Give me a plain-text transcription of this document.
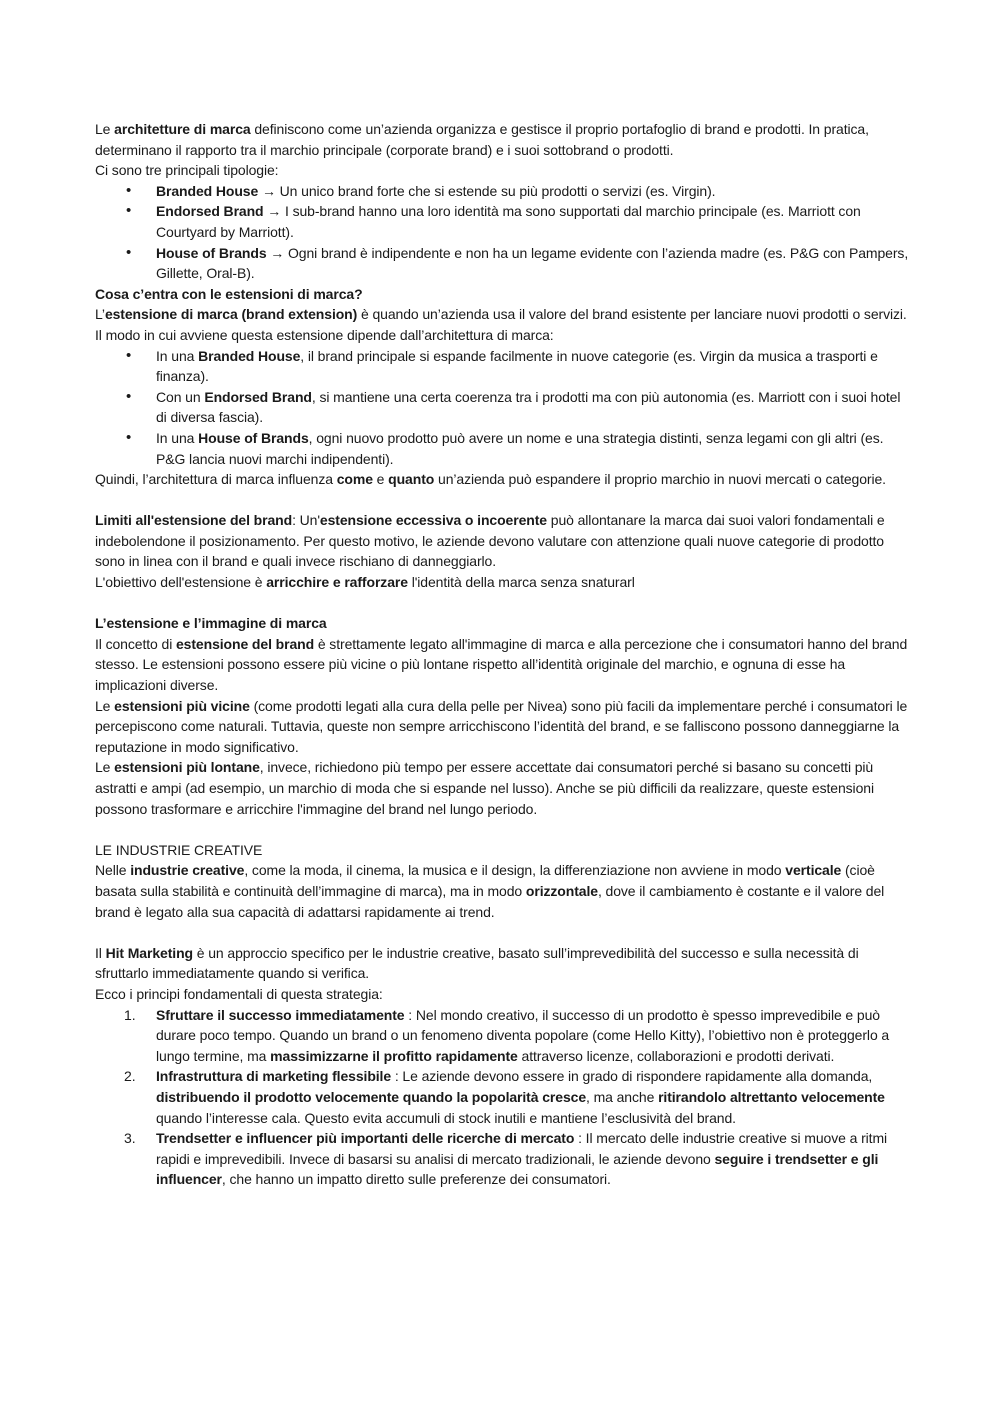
Le architetture di marca definiscono come un’azienda organizza e gestisce il proprio portafoglio di brand e prodotti. In pratica, determinano il rapporto tra il marchio principale (corporate brand) e i suoi sottobrand o prodotti.

Ci sono tre principali tipologie:

• Branded House → Un unico brand forte che si estende su più prodotti o servizi (es. Virgin).
• Endorsed Brand → I sub-brand hanno una loro identità ma sono supportati dal marchio principale (es. Marriott con Courtyard by Marriott).
• House of Brands → Ogni brand è indipendente e non ha un legame evidente con l’azienda madre (es. P&G con Pampers, Gillette, Oral-B).

Cosa c’entra con le estensioni di marca?

L’estensione di marca (brand extension) è quando un’azienda usa il valore del brand esistente per lanciare nuovi prodotti o servizi. Il modo in cui avviene questa estensione dipende dall’architettura di marca:

• In una Branded House, il brand principale si espande facilmente in nuove categorie (es. Virgin da musica a trasporti e finanza).
• Con un Endorsed Brand, si mantiene una certa coerenza tra i prodotti ma con più autonomia (es. Marriott con i suoi hotel di diversa fascia).
• In una House of Brands, ogni nuovo prodotto può avere un nome e una strategia distinti, senza legami con gli altri (es. P&G lancia nuovi marchi indipendenti).

Quindi, l’architettura di marca influenza come e quanto un’azienda può espandere il proprio marchio in nuovi mercati o categorie.

Limiti all'estensione del brand: Un'estensione eccessiva o incoerente può allontanare la marca dai suoi valori fondamentali e indebolendone il posizionamento. Per questo motivo, le aziende devono valutare con attenzione quali nuove categorie di prodotto sono in linea con il brand e quali invece rischiano di danneggiarlo.

L'obiettivo dell'estensione è arricchire e rafforzare l'identità della marca senza snaturarl

L’estensione e l’immagine di marca

Il concetto di estensione del brand è strettamente legato all'immagine di marca e alla percezione che i consumatori hanno del brand stesso. Le estensioni possono essere più vicine o più lontane rispetto all’identità originale del marchio, e ognuna di esse ha implicazioni diverse.

Le estensioni più vicine (come prodotti legati alla cura della pelle per Nivea) sono più facili da implementare perché i consumatori le percepiscono come naturali. Tuttavia, queste non sempre arricchiscono l’identità del brand, e se falliscono possono danneggiarne la reputazione in modo significativo.

Le estensioni più lontane, invece, richiedono più tempo per essere accettate dai consumatori perché si basano su concetti più astratti e ampi (ad esempio, un marchio di moda che si espande nel lusso). Anche se più difficili da realizzare, queste estensioni possono trasformare e arricchire l'immagine del brand nel lungo periodo.

LE INDUSTRIE CREATIVE

Nelle industrie creative, come la moda, il cinema, la musica e il design, la differenziazione non avviene in modo verticale (cioè basata sulla stabilità e continuità dell’immagine di marca), ma in modo orizzontale, dove il cambiamento è costante e il valore del brand è legato alla sua capacità di adattarsi rapidamente ai trend.

Il Hit Marketing è un approccio specifico per le industrie creative, basato sull’imprevedibilità del successo e sulla necessità di sfruttarlo immediatamente quando si verifica.

Ecco i principi fondamentali di questa strategia:

Sfruttare il successo immediatamente : Nel mondo creativo, il successo di un prodotto è spesso imprevedibile e può durare poco tempo. Quando un brand o un fenomeno diventa popolare (come Hello Kitty), l’obiettivo non è proteggerlo a lungo termine, ma massimizzarne il profitto rapidamente attraverso licenze, collaborazioni e prodotti derivati.
Infrastruttura di marketing flessibile : Le aziende devono essere in grado di rispondere rapidamente alla domanda, distribuendo il prodotto velocemente quando la popolarità cresce, ma anche ritirandolo altrettanto velocemente quando l’interesse cala. Questo evita accumuli di stock inutili e mantiene l’esclusività del brand.
Trendsetter e influencer più importanti delle ricerche di mercato : Il mercato delle industrie creative si muove a ritmi rapidi e imprevedibili. Invece di basarsi su analisi di mercato tradizionali, le aziende devono seguire i trendsetter e gli influencer, che hanno un impatto diretto sulle preferenze dei consumatori.
